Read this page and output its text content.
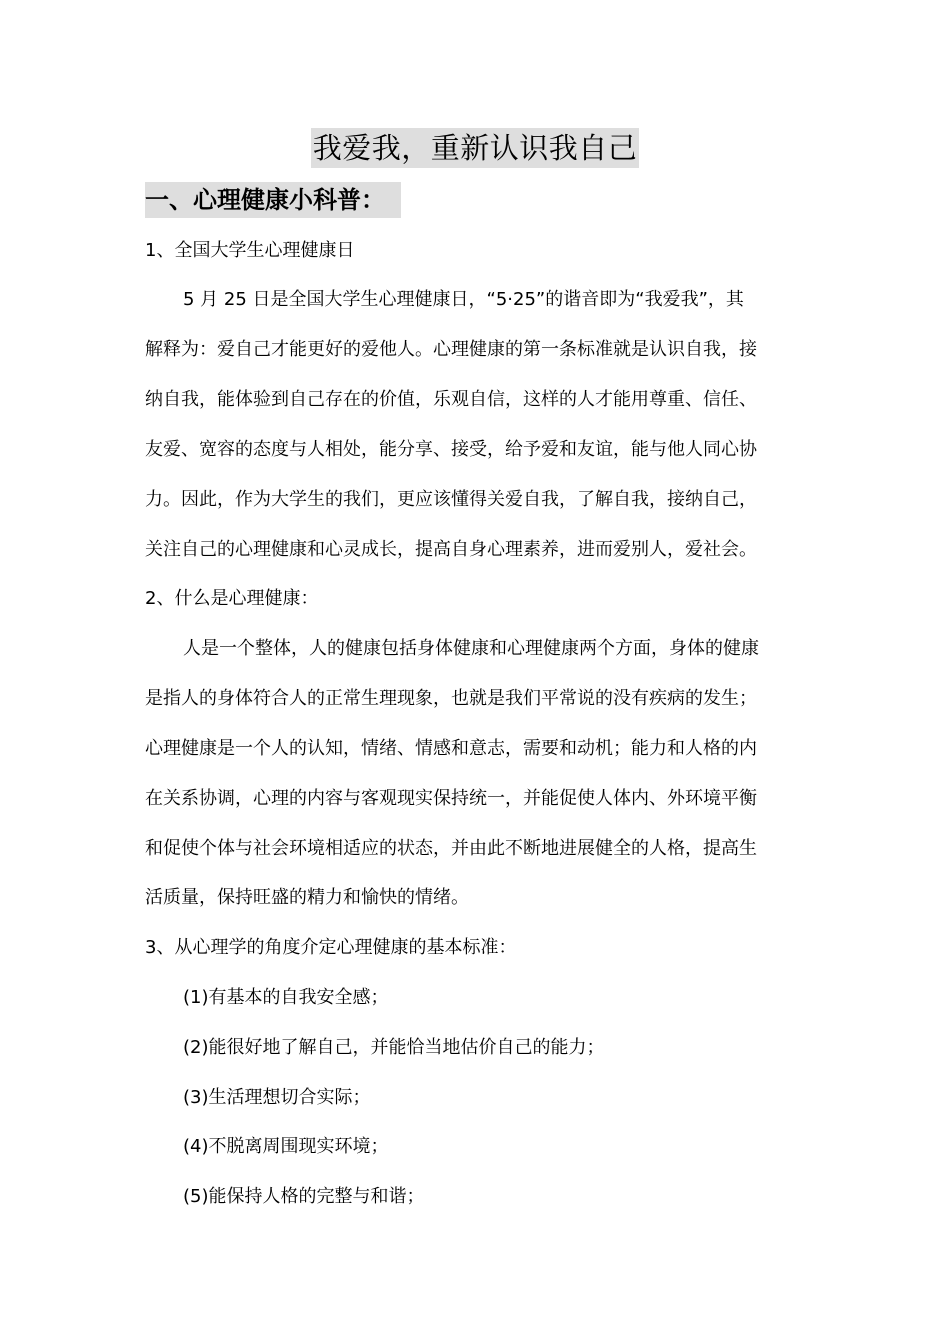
我爱我，重新认识我自己
一、心理健康小科普：
1、全国大学生心理健康日
5 月 25 日是全国大学生心理健康日，“5·25”的谐音即为“我爱我”，其
解释为：爱自己才能更好的爱他人。心理健康的第一条标准就是认识自我，接
纳自我，能体验到自己存在的价值，乐观自信，这样的人才能用尊重、信任、
友爱、宽容的态度与人相处，能分享、接受，给予爱和友谊，能与他人同心协
力。因此，作为大学生的我们，更应该懂得关爱自我，了解自我，接纳自己，
关注自己的心理健康和心灵成长，提高自身心理素养，进而爱别人，爱社会。
2、什么是心理健康：
人是一个整体，人的健康包括身体健康和心理健康两个方面，身体的健康
是指人的身体符合人的正常生理现象，也就是我们平常说的没有疾病的发生；
心理健康是一个人的认知，情绪、情感和意志，需要和动机；能力和人格的内
在关系协调，心理的内容与客观现实保持统一，并能促使人体内、外环境平衡
和促使个体与社会环境相适应的状态，并由此不断地进展健全的人格，提高生
活质量，保持旺盛的精力和愉快的情绪。
3、从心理学的角度介定心理健康的基本标准：
(1)有基本的自我安全感；
(2)能很好地了解自己，并能恰当地估价自己的能力；
(3)生活理想切合实际；
(4)不脱离周围现实环境；
(5)能保持人格的完整与和谐；
